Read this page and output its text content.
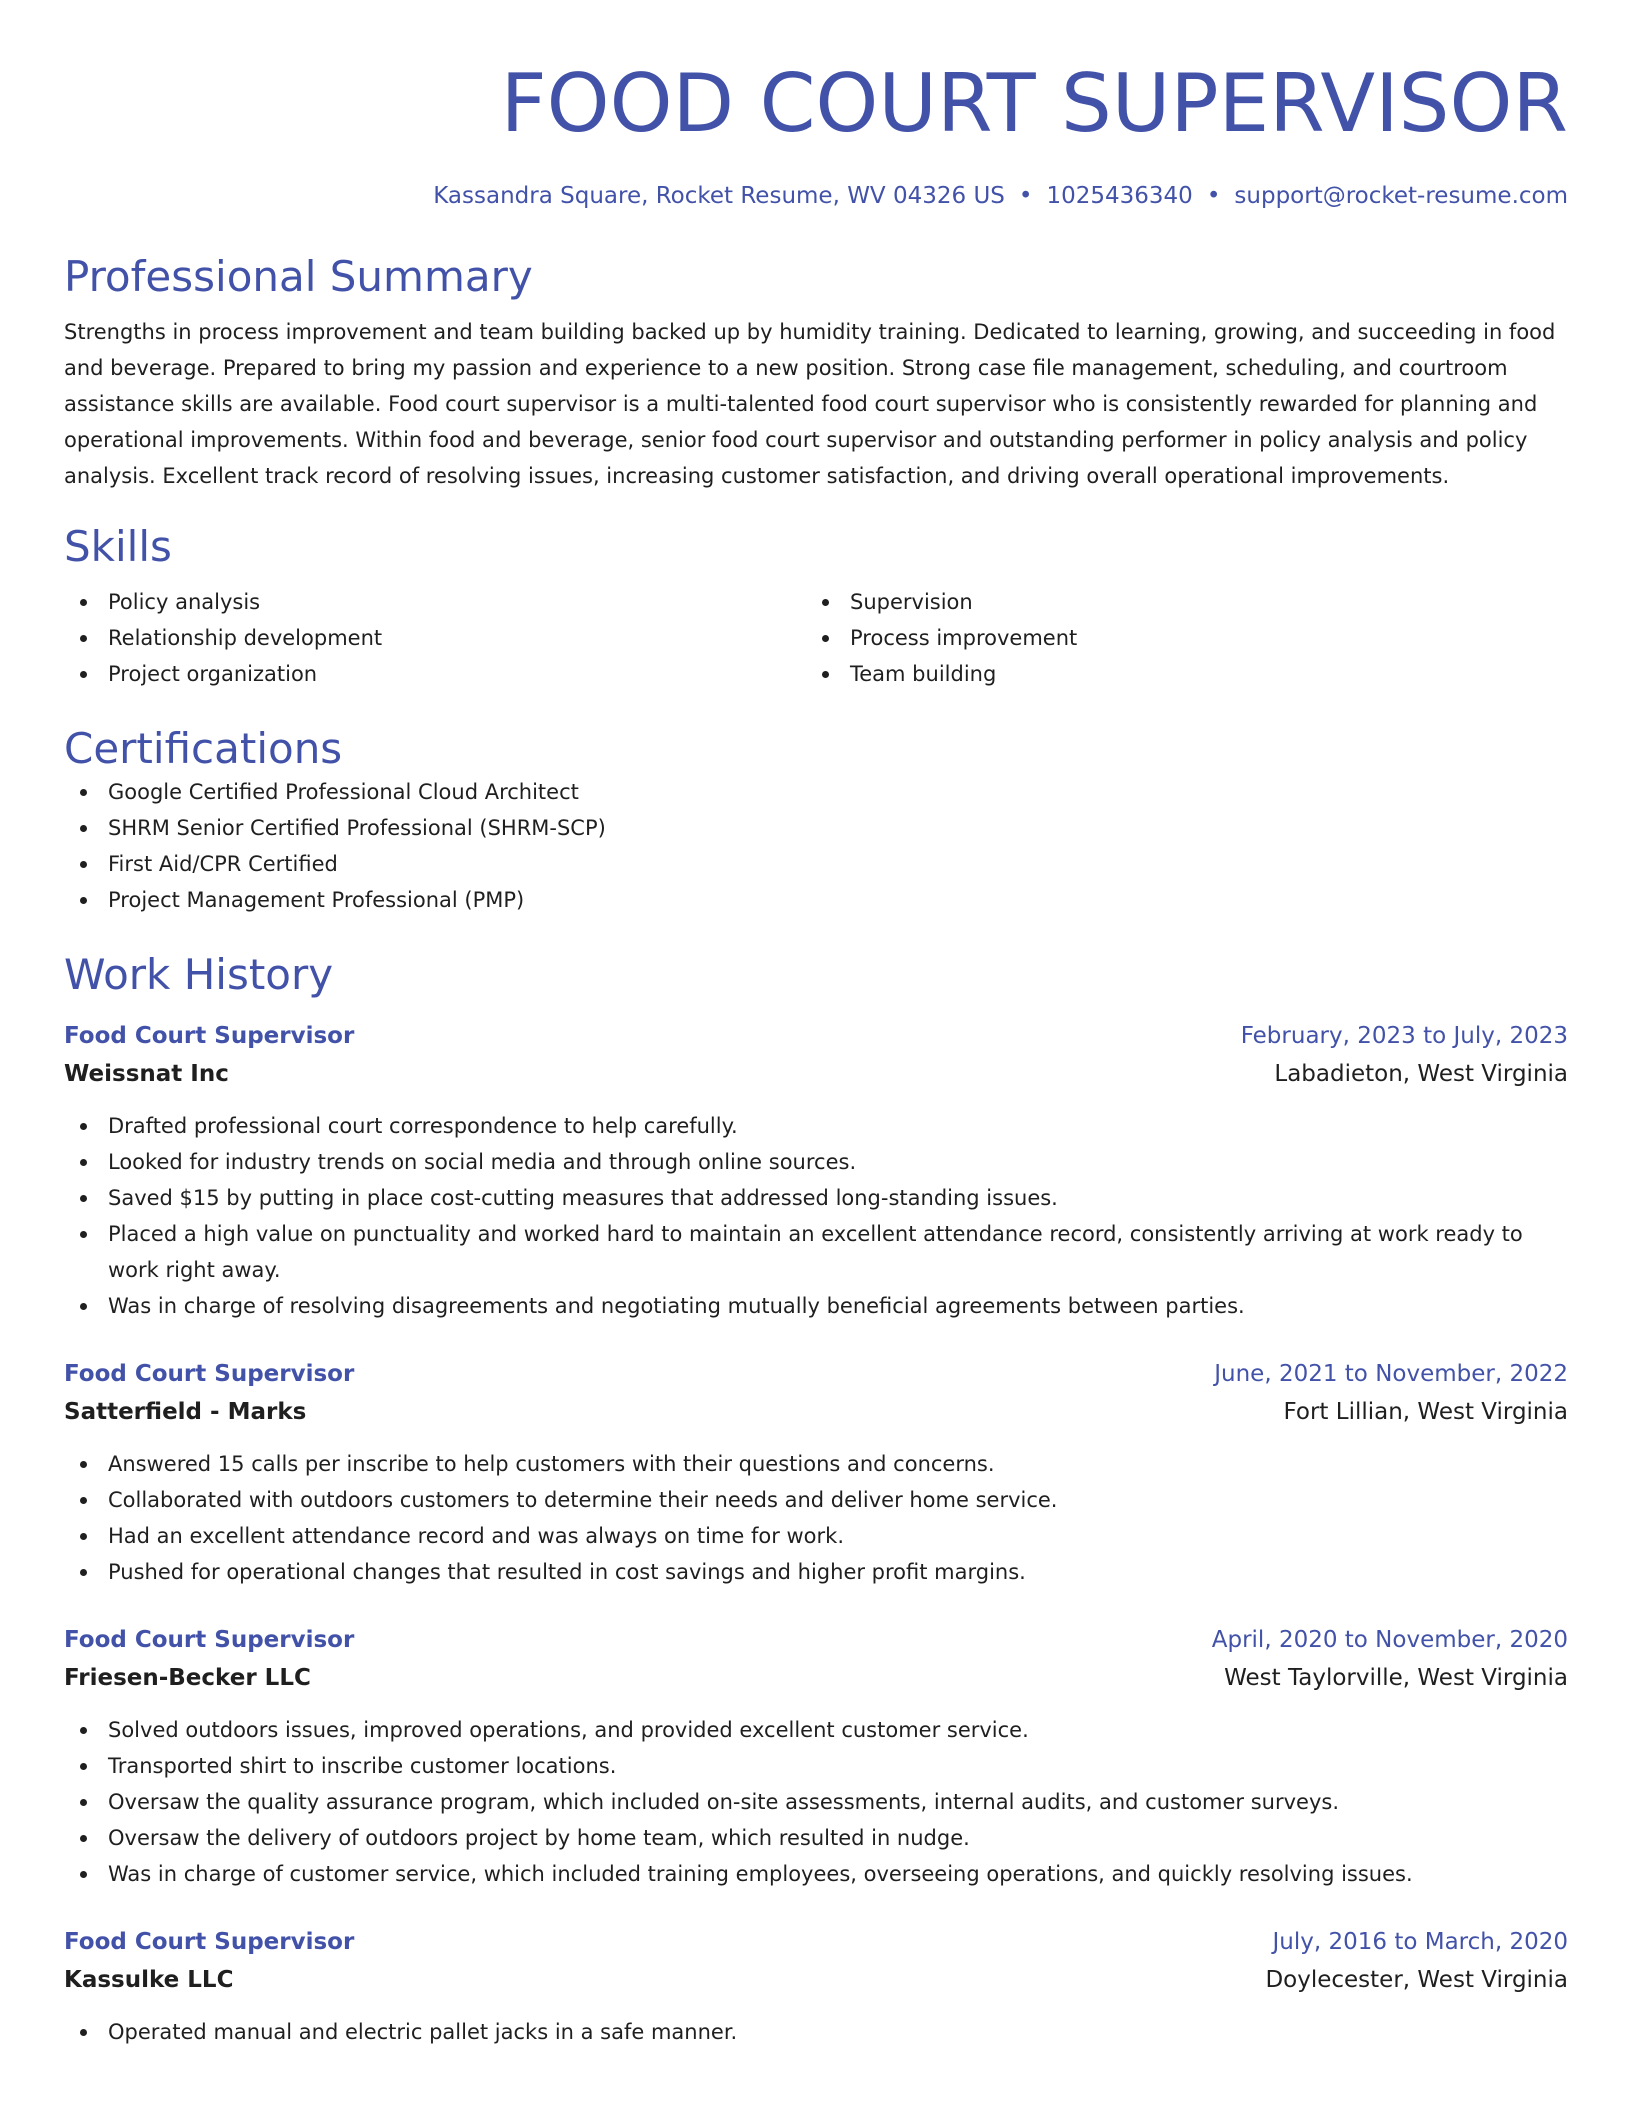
FOOD COURT SUPERVISOR
Kassandra Square, Rocket Resume, WV 04326 US • 1025436340 • support@rocket-resume.com
Professional Summary

Strengths in process improvement and team building backed up by humidity training. Dedicated to learning, growing, and succeeding in food and beverage. Prepared to bring my passion and experience to a new position. Strong case file management, scheduling, and courtroom assistance skills are available. Food court supervisor is a multi-talented food court supervisor who is consistently rewarded for planning and operational improvements. Within food and beverage, senior food court supervisor and outstanding performer in policy analysis and policy analysis. Excellent track record of resolving issues, increasing customer satisfaction, and driving overall operational improvements.

Skills
Policy analysis
Relationship development
Project organization
Supervision
Process improvement
Team building
Certifications
Google Certified Professional Cloud Architect
SHRM Senior Certified Professional (SHRM-SCP)
First Aid/CPR Certified
Project Management Professional (PMP)
Work History
Food Court Supervisor	February, 2023 to July, 2023
Weissnat Inc	Labadieton, West Virginia
Drafted professional court correspondence to help carefully.
Looked for industry trends on social media and through online sources.
Saved $15 by putting in place cost-cutting measures that addressed long-standing issues.
Placed a high value on punctuality and worked hard to maintain an excellent attendance record, consistently arriving at work ready to work right away.
Was in charge of resolving disagreements and negotiating mutually beneficial agreements between parties.
Food Court Supervisor	June, 2021 to November, 2022
Satterfield - Marks	Fort Lillian, West Virginia
Answered 15 calls per inscribe to help customers with their questions and concerns.
Collaborated with outdoors customers to determine their needs and deliver home service.
Had an excellent attendance record and was always on time for work.
Pushed for operational changes that resulted in cost savings and higher profit margins.
Food Court Supervisor	April, 2020 to November, 2020
Friesen-Becker LLC	West Taylorville, West Virginia
Solved outdoors issues, improved operations, and provided excellent customer service.
Transported shirt to inscribe customer locations.
Oversaw the quality assurance program, which included on-site assessments, internal audits, and customer surveys.
Oversaw the delivery of outdoors project by home team, which resulted in nudge.
Was in charge of customer service, which included training employees, overseeing operations, and quickly resolving issues.
Food Court Supervisor	July, 2016 to March, 2020
Kassulke LLC	Doylecester, West Virginia
Operated manual and electric pallet jacks in a safe manner.
